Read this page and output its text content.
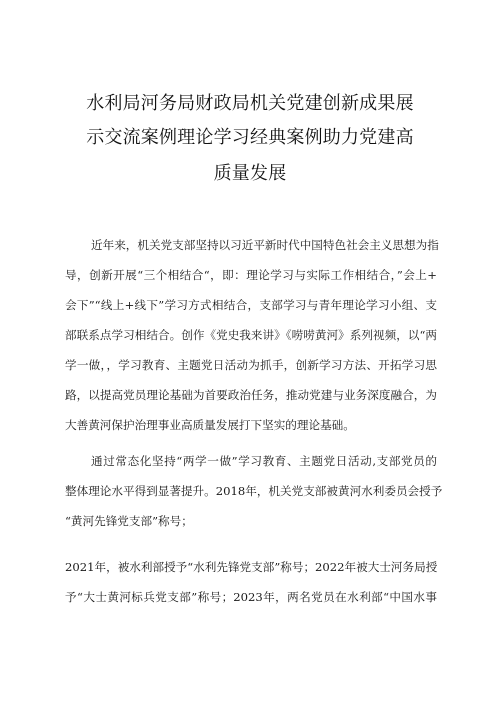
水利局河务局财政局机关党建创新成果展
示交流案例理论学习经典案例助力党建高
质量发展
近年来，机关党支部坚持以习近平新时代中国特色社会主义思想为指
导，创新开展“三个相结合“，即：理论学习与实际工作相结合，”会上+
会下”“线上+线下”学习方式相结合，支部学习与青年理论学习小组、支
部联系点学习相结合。创作《党史我来讲》《唠唠黄河》系列视频，以“两
学一做，，学习教育、主题党日活动为抓手，创新学习方法、开拓学习思
路，以提高党员理论基础为首要政治任务，推动党建与业务深度融合，为
大善黄河保护治理事业高质量发展打下坚实的理论基础。
通过常态化坚持“两学一做”学习教育、主题党日活动,支部党员的
整体理论水平得到显著提升。2018年，机关党支部被黄河水利委员会授予
“黄河先锋党支部”称号；
2021年，被水利部授予“水利先锋党支部”称号；2022年被大士河务局授
予“大士黄河标兵党支部”称号；2023年，两名党员在水利部“中国水事
